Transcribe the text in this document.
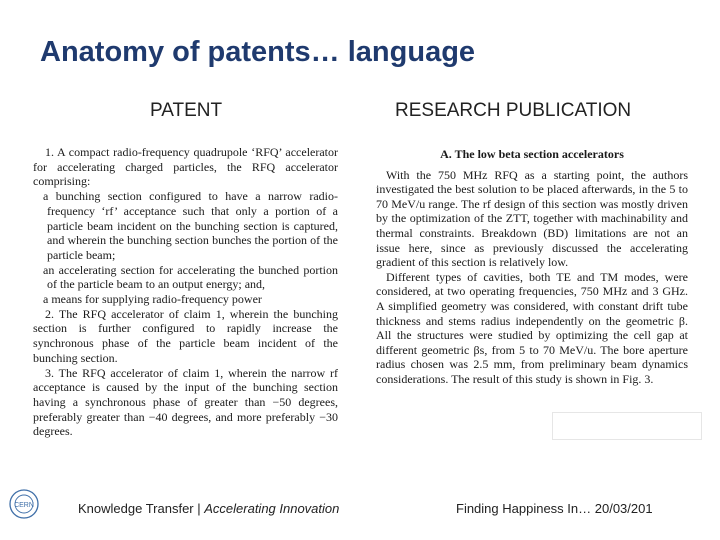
Anatomy of patents… language
PATENT	RESEARCH PUBLICATION

1. A compact radio-frequency quadrupole ‘RFQ’ accelerator for accelerating charged particles, the RFQ accelerator comprising:

a bunching section configured to have a narrow radio-frequency ‘rf’ acceptance such that only a portion of a particle beam incident on the bunching section is captured, and wherein the bunching section bunches the portion of the particle beam;

an accelerating section for accelerating the bunched portion of the particle beam to an output energy; and,

a means for supplying radio-frequency power

2. The RFQ accelerator of claim 1, wherein the bunching section is further configured to rapidly increase the synchronous phase of the particle beam incident of the bunching section.

3. The RFQ accelerator of claim 1, wherein the narrow rf acceptance is caused by the input of the bunching section having a synchronous phase of greater than −50 degrees, preferably greater than −40 degrees, and more preferably −30 degrees.

A. The low beta section accelerators

With the 750 MHz RFQ as a starting point, the authors investigated the best solution to be placed afterwards, in the 5 to 70 MeV/u range. The rf design of this section was mostly driven by the optimization of the ZTT, together with machinability and thermal constraints. Breakdown (BD) limitations are not an issue here, since as previously discussed the accelerating gradient of this section is relatively low.

Different types of cavities, both TE and TM modes, were considered, at two operating frequencies, 750 MHz and 3 GHz. A simplified geometry was considered, with constant drift tube thickness and stems radius independently on the geometric β. All the structures were studied by optimizing the cell gap at different geometric βs, from 5 to 70 MeV/u. The bore aperture radius chosen was 2.5 mm, from preliminary beam dynamics considerations. The result of this study is shown in Fig. 3.

CERN	Knowledge Transfer | Accelerating Innovation	Finding Happiness In… 20/03/201
